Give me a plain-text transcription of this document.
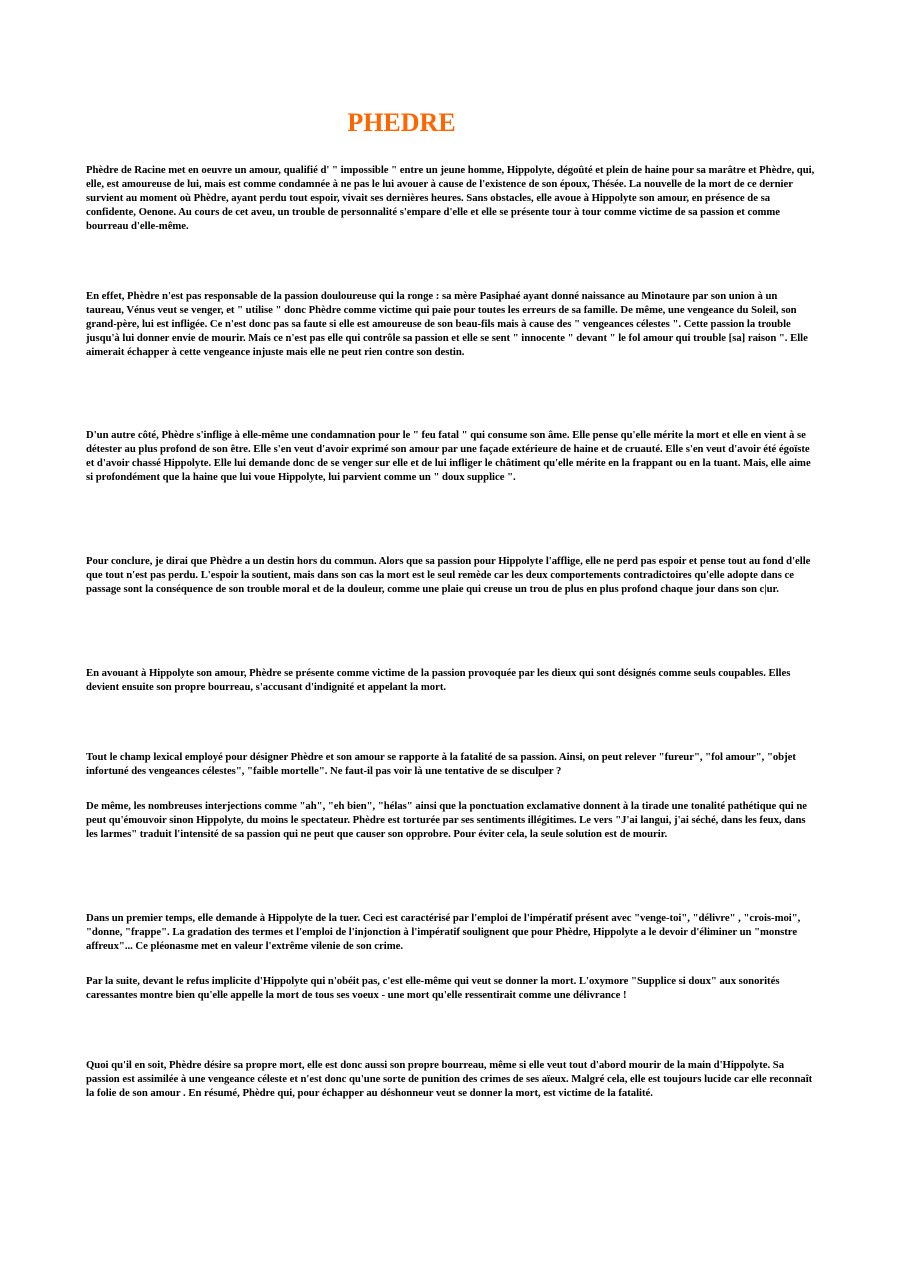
PHEDRE

Phèdre de Racine met en oeuvre un amour, qualifié d' " impossible " entre un jeune homme, Hippolyte, dégoûté et plein de haine pour sa marâtre et Phèdre, qui, elle, est amoureuse de lui, mais est comme condamnée à ne pas le lui avouer à cause de l'existence de son époux, Thésée. La nouvelle de la mort de ce dernier survient au moment où Phèdre, ayant perdu tout espoir, vivait ses dernières heures. Sans obstacles, elle avoue à Hippolyte son amour, en présence de sa confidente, Oenone. Au cours de cet aveu, un trouble de personnalité s'empare d'elle et elle se présente tour à tour comme victime de sa passion et comme bourreau d'elle-même.

En effet, Phèdre n'est pas responsable de la passion douloureuse qui la ronge : sa mère Pasiphaé ayant donné naissance au Minotaure par son union à un taureau, Vénus veut se venger, et " utilise " donc Phèdre comme victime qui paie pour toutes les erreurs de sa famille. De même, une vengeance du Soleil, son grand-père, lui est infligée. Ce n'est donc pas sa faute si elle est amoureuse de son beau-fils mais à cause des " vengeances célestes ". Cette passion la trouble jusqu'à lui donner envie de mourir. Mais ce n'est pas elle qui contrôle sa passion et elle se sent " innocente " devant " le fol amour qui trouble [sa] raison ". Elle aimerait échapper à cette vengeance injuste mais elle ne peut rien contre son destin.

D'un autre côté, Phèdre s'inflige à elle-même une condamnation pour le " feu fatal " qui consume son âme. Elle pense qu'elle mérite la mort et elle en vient à se détester au plus profond de son être. Elle s'en veut d'avoir exprimé son amour par une façade extérieure de haine et de cruauté. Elle s'en veut d'avoir été égoïste et d'avoir chassé Hippolyte. Elle lui demande donc de se venger sur elle et de lui infliger le châtiment qu'elle mérite en la frappant ou en la tuant. Mais, elle aime si profondément que la haine que lui voue Hippolyte, lui parvient comme un " doux supplice ".

Pour conclure, je dirai que Phèdre a un destin hors du commun. Alors que sa passion pour Hippolyte l'afflige, elle ne perd pas espoir et pense tout au fond d'elle que tout n'est pas perdu. L'espoir la soutient, mais dans son cas la mort est le seul remède car les deux comportements contradictoires qu'elle adopte dans ce passage sont la conséquence de son trouble moral et de la douleur, comme une plaie qui creuse un trou de plus en plus profond chaque jour dans son c|ur.

En avouant à Hippolyte son amour, Phèdre se présente comme victime de la passion provoquée par les dieux qui sont désignés comme seuls coupables. Elles devient ensuite son propre bourreau, s'accusant d'indignité et appelant la mort.

Tout le champ lexical employé pour désigner Phèdre et son amour se rapporte à la fatalité de sa passion. Ainsi, on peut relever "fureur", "fol amour", "objet infortuné des vengeances célestes", "faible mortelle". Ne faut-il pas voir là une tentative de se disculper ?

De même, les nombreuses interjections comme "ah", "eh bien", "hélas" ainsi que la ponctuation exclamative donnent à la tirade une tonalité pathétique qui ne peut qu'émouvoir sinon Hippolyte, du moins le spectateur. Phèdre est torturée par ses sentiments illégitimes. Le vers "J'ai langui, j'ai séché, dans les feux, dans les larmes" traduit l'intensité de sa passion qui ne peut que causer son opprobre. Pour éviter cela, la seule solution est de mourir.

Dans un premier temps, elle demande à Hippolyte de la tuer. Ceci est caractérisé par l'emploi de l'impératif présent avec "venge-toi", "délivre" , "crois-moi", "donne, "frappe". La gradation des termes et l'emploi de l'injonction à l'impératif soulignent que pour Phèdre, Hippolyte a le devoir d'éliminer un "monstre affreux"... Ce pléonasme met en valeur l'extrême vilenie de son crime.

Par la suite, devant le refus implicite d'Hippolyte qui n'obéit pas, c'est elle-même qui veut se donner la mort. L'oxymore "Supplice si doux" aux sonorités caressantes montre bien qu'elle appelle la mort de tous ses voeux - une mort qu'elle ressentirait comme une délivrance !

Quoi qu'il en soit, Phèdre désire sa propre mort, elle est donc aussi son propre bourreau, même si elle veut tout d'abord mourir de la main d'Hippolyte. Sa passion est assimilée à une vengeance céleste et n'est donc qu'une sorte de punition des crimes de ses aïeux. Malgré cela, elle est toujours lucide car elle reconnaît la folie de son amour . En résumé, Phèdre qui, pour échapper au déshonneur veut se donner la mort, est victime de la fatalité.
